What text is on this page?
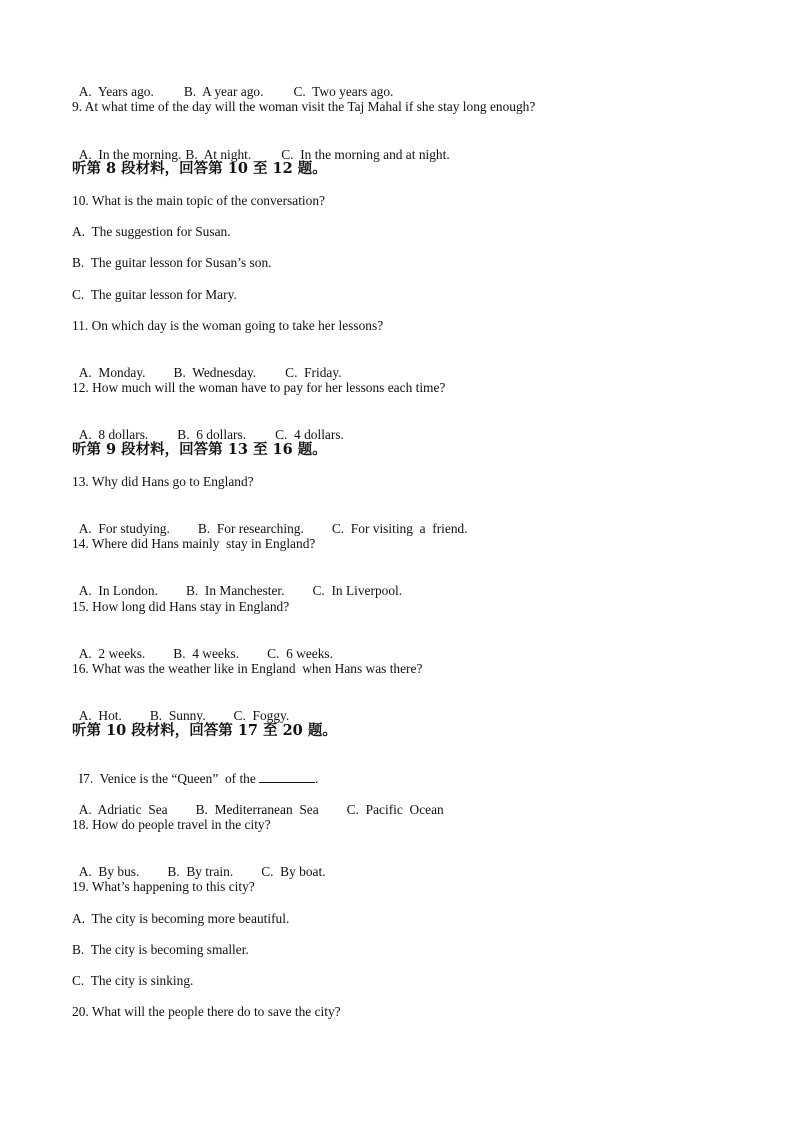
A.  Years ago. B.  A year ago. C.  Two years ago.

9. At what time of the day will the woman visit the Taj Mahal if she stay long enough?

A.  In the morning. B.  At night. C.  In the morning and at night.

听第 8 段材料，回答第 10 至 12 题。
10. What is the main topic of the conversation?
A.  The suggestion for Susan.
B.  The guitar lesson for Susan’s son.
C.  The guitar lesson for Mary.
11. On which day is the woman going to take her lessons?

A.  Monday. B.  Wednesday. C.  Friday.

12. How much will the woman have to pay for her lessons each time?

A.  8 dollars. B.  6 dollars. C.  4 dollars.

听第 9 段材料，回答第 13 至 16 题。
13. Why did Hans go to England?

A.  For studying. B.  For researching. C.  For visiting  a  friend.

14. Where did Hans mainly  stay in England?

A.  In London. B.  In Manchester. C.  In Liverpool.

15. How long did Hans stay in England?

A.  2 weeks. B.  4 weeks. C.  6 weeks.

16. What was the weather like in England  when Hans was there?

A.  Hot. B.  Sunny. C.  Foggy.

听第 10 段材料，回答第 17 至 20 题。

I7.  Venice is the “Queen”  of the	.

A.  Adriatic  Sea B.  Mediterranean  Sea C.  Pacific  Ocean

18. How do people travel in the city?

A.  By bus. B.  By train. C.  By boat.

19. What’s happening to this city?
A.  The city is becoming more beautiful.
B.  The city is becoming smaller.
C.  The city is sinking.
20. What will the people there do to save the city?
